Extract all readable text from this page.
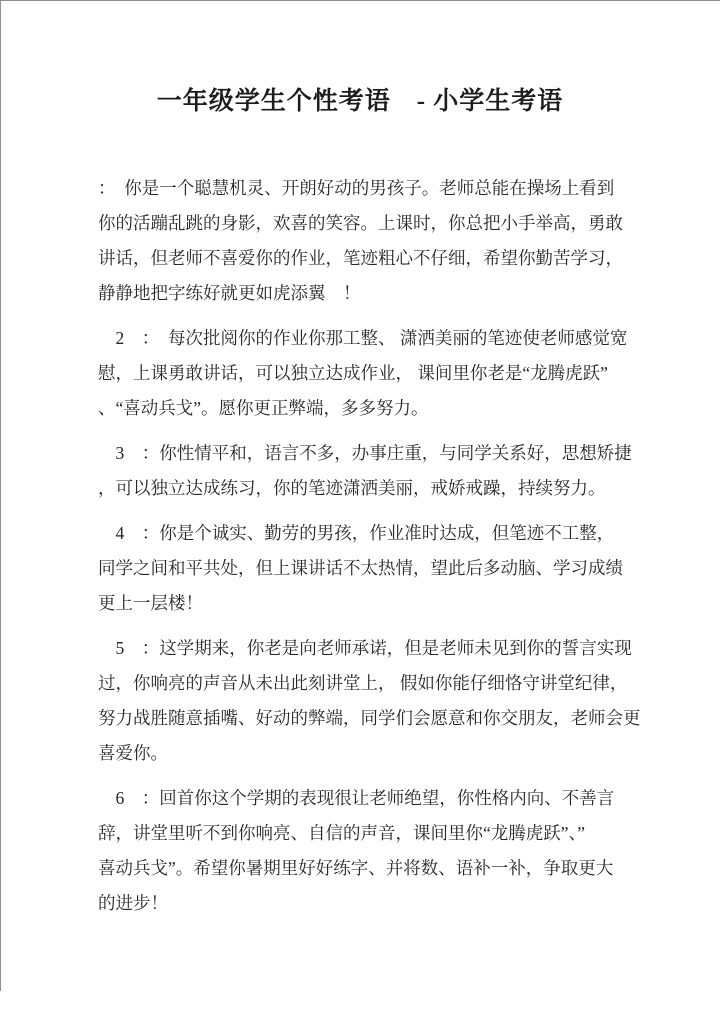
一年级学生个性考语　- 小学生考语
：　你是一个聪慧机灵、开朗好动的男孩子。老师总能在操场上看到
你的活蹦乱跳的身影，欢喜的笑容。上课时，你总把小手举高，勇敢
讲话，但老师不喜爱你的作业，笔迹粗心不仔细，希望你勤苦学习，
静静地把字练好就更如虎添翼　！
　2　：　每次批阅你的作业你那工整、 潇洒美丽的笔迹使老师感觉宽
慰，上课勇敢讲话，可以独立达成作业， 课间里你老是“龙腾虎跃”
、“喜动兵戈”。愿你更正弊端，多多努力。
　3　：你性情平和，语言不多，办事庄重，与同学关系好，思想矫捷
，可以独立达成练习，你的笔迹潇洒美丽，戒娇戒躁，持续努力。
　4　：你是个诚实、勤劳的男孩，作业准时达成，但笔迹不工整，
同学之间和平共处，但上课讲话不太热情，望此后多动脑、学习成绩
更上一层楼！
　5　：这学期来，你老是向老师承诺，但是老师未见到你的誓言实现
过，你响亮的声音从未出此刻讲堂上， 假如你能仔细恪守讲堂纪律，
努力战胜随意插嘴、好动的弊端，同学们会愿意和你交朋友，老师会更
喜爱你。
　6　：回首你这个学期的表现很让老师绝望，你性格内向、不善言
辞，讲堂里听不到你响亮、自信的声音，课间里你“龙腾虎跃”、”
喜动兵戈”。希望你暑期里好好练字、并将数、语补一补，争取更大
的进步！
